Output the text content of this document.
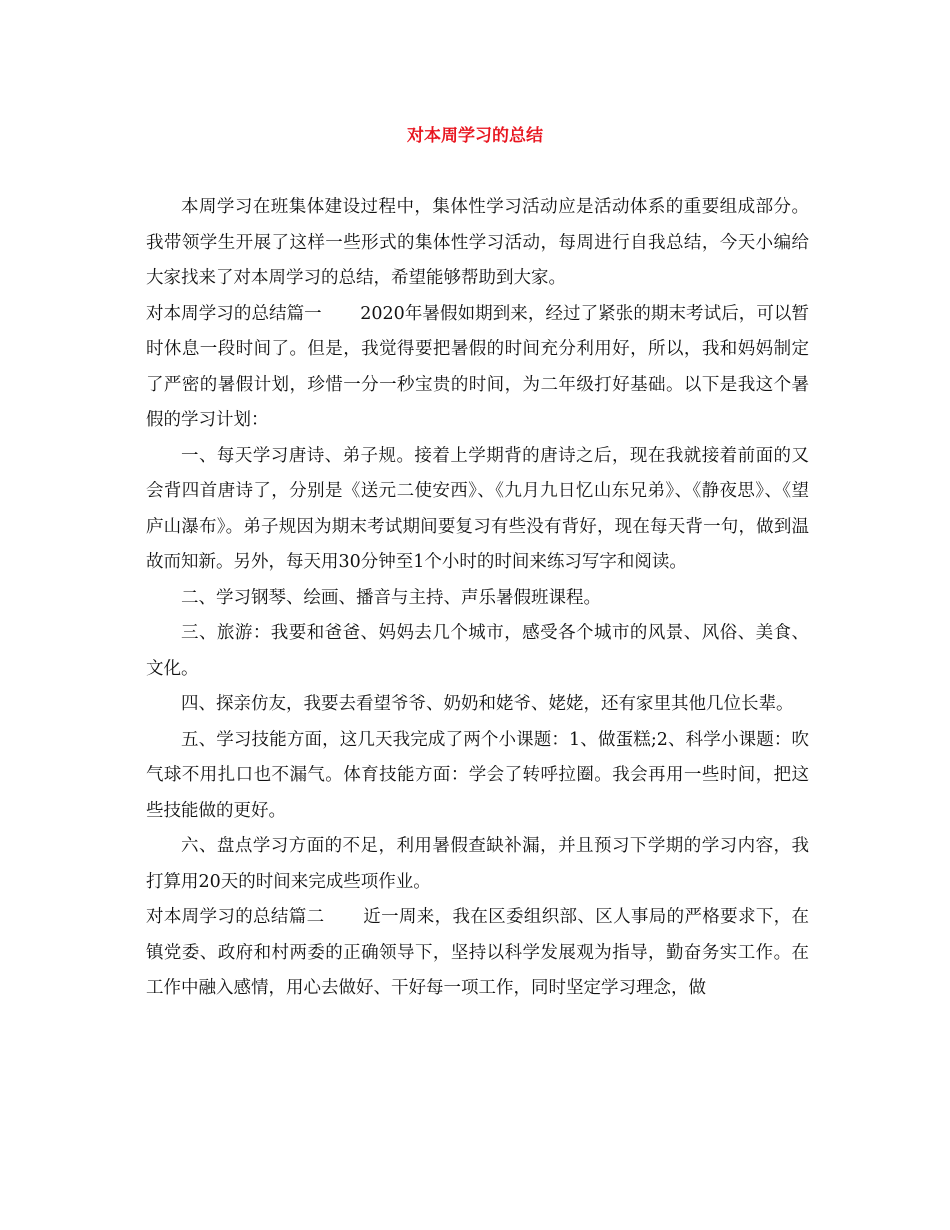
对本周学习的总结

本周学习在班集体建设过程中，集体性学习活动应是活动体系的重要组成部分。我带领学生开展了这样一些形式的集体性学习活动，每周进行自我总结，今天小编给大家找来了对本周学习的总结，希望能够帮助到大家。

对本周学习的总结篇一 2020年暑假如期到来，经过了紧张的期末考试后，可以暂时休息一段时间了。但是，我觉得要把暑假的时间充分利用好，所以，我和妈妈制定了严密的暑假计划，珍惜一分一秒宝贵的时间，为二年级打好基础。以下是我这个暑假的学习计划：

一、每天学习唐诗、弟子规。接着上学期背的唐诗之后，现在我就接着前面的又会背四首唐诗了，分别是《送元二使安西》、《九月九日忆山东兄弟》、《静夜思》、《望庐山瀑布》。弟子规因为期末考试期间要复习有些没有背好，现在每天背一句，做到温故而知新。另外，每天用30分钟至1个小时的时间来练习写字和阅读。

二、学习钢琴、绘画、播音与主持、声乐暑假班课程。

三、旅游：我要和爸爸、妈妈去几个城市，感受各个城市的风景、风俗、美食、文化。

四、探亲仿友，我要去看望爷爷、奶奶和姥爷、姥姥，还有家里其他几位长辈。

五、学习技能方面，这几天我完成了两个小课题：1、做蛋糕;2、科学小课题：吹气球不用扎口也不漏气。体育技能方面：学会了转呼拉圈。我会再用一些时间，把这些技能做的更好。

六、盘点学习方面的不足，利用暑假查缺补漏，并且预习下学期的学习内容，我打算用20天的时间来完成些项作业。

对本周学习的总结篇二 近一周来，我在区委组织部、区人事局的严格要求下，在镇党委、政府和村两委的正确领导下，坚持以科学发展观为指导，勤奋务实工作。在工作中融入感情，用心去做好、干好每一项工作，同时坚定学习理念，做
